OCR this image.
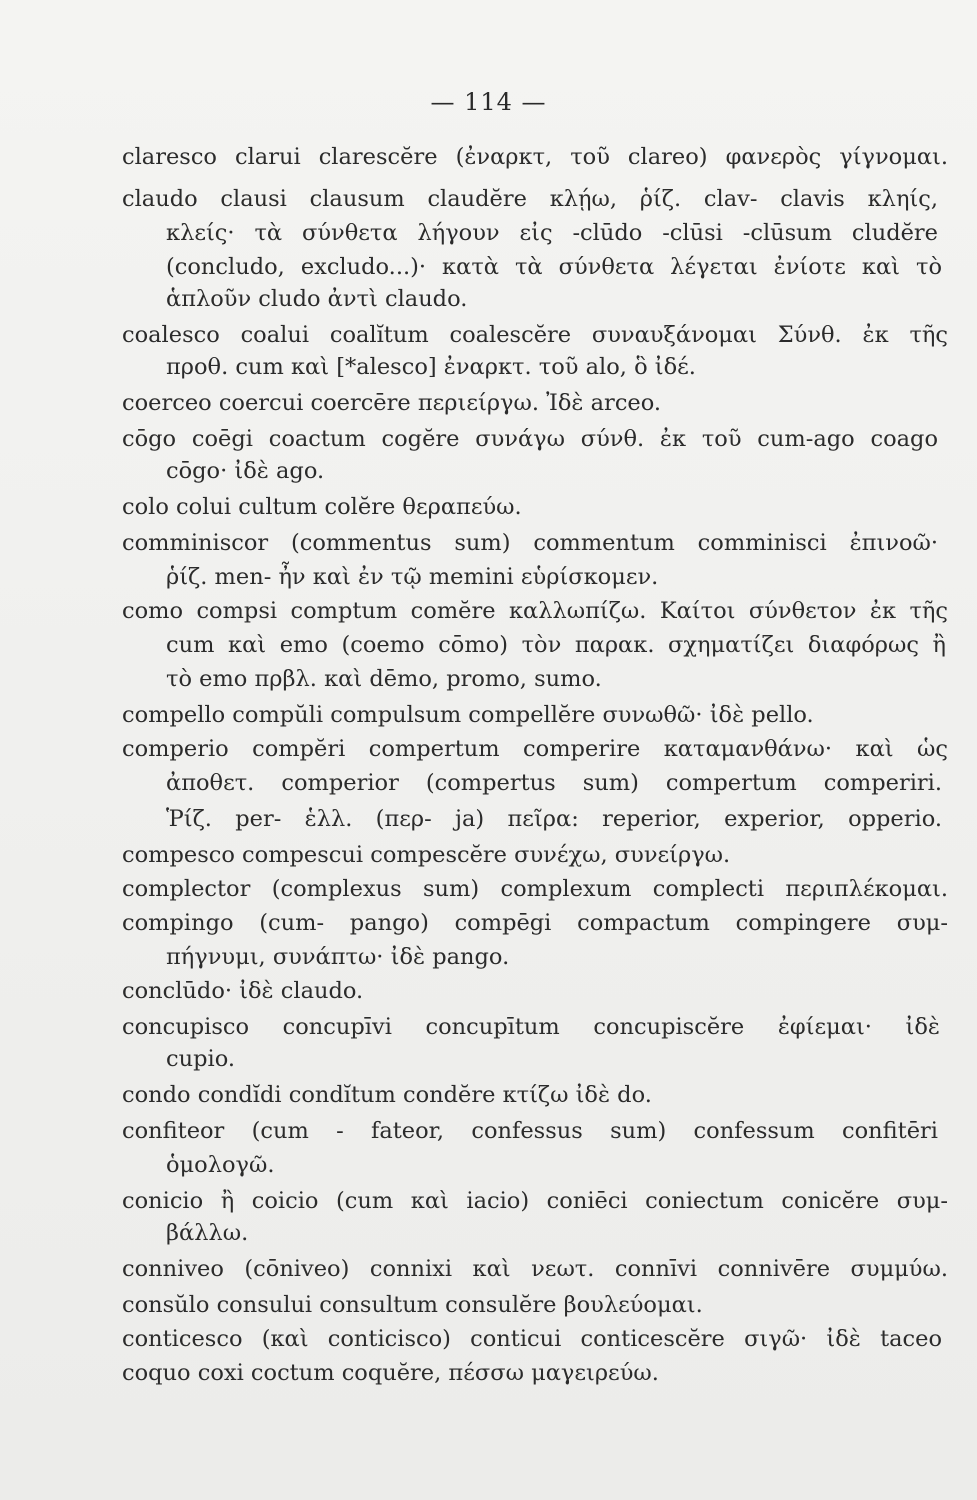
— 114 —
claresco clarui clarescĕre (ἐναρκτ, τοῦ clareo) φανερὸς γίγνομαι.
claudo clausi clausum claudĕre κλῄω, ῥίζ. clav- clavis κληίς,
κλείς· τὰ σύνθετα λήγουν εἰς -clūdo -clūsi -clūsum cludĕre
(concludo, excludo...)· κατὰ τὰ σύνθετα λέγεται ἐνίοτε καὶ τὸ
ἁπλοῦν cludo ἀντὶ claudo.
coalesco coalui coalĭtum coalescĕre συναυξάνομαι Σύνθ. ἐκ τῆς
προθ. cum καὶ [*alesco] ἐναρκτ. τοῦ alo, ὃ ἰδέ.
coerceo coercui coercēre περιείργω. Ἰδὲ arceo.
cōgo coēgi coactum cogĕre συνάγω σύνθ. ἐκ τοῦ cum-ago coago
cōgo· ἰδὲ ago.
colo colui cultum colĕre θεραπεύω.
comminiscor (commentus sum) commentum comminisci ἐπινοῶ·
ῥίζ. men- ἦν καὶ ἐν τῷ memini εὑρίσκομεν.
como compsi comptum comĕre καλλωπίζω. Καίτοι σύνθετον ἐκ τῆς
cum καὶ emo (coemo cōmo) τὸν παρακ. σχηματίζει διαφόρως ἢ
τὸ emo πρβλ. καὶ dēmo, promo, sumo.
compello compŭli compulsum compellĕre συνωθῶ· ἰδὲ pello.
comperio compĕri compertum comperire καταμανθάνω· καὶ ὡς
ἀποθετ. comperior (compertus sum) compertum comperiri.
Ῥίζ. per- ἑλλ. (περ- ja) πεῖρα: reperior, experior, opperio.
compesco compescui compescĕre συνέχω, συνείργω.
complector (complexus sum) complexum complecti περιπλέκομαι.
compingo (cum- pango) compēgi compactum compingere συμ-
πήγνυμι, συνάπτω· ἰδὲ pango.
conclūdo· ἰδὲ claudo.
concupisco concupīvi concupītum concupiscĕre ἐφίεμαι· ἰδὲ
cupio.
condo condĭdi condĭtum condĕre κτίζω ἰδὲ do.
confiteor (cum - fateor, confessus sum) confessum confitēri
ὁμολογῶ.
conicio ἢ coicio (cum καὶ iacio) coniēci coniectum conicĕre συμ-
βάλλω.
conniveo (cōniveo) connixi καὶ νεωτ. connīvi connivēre συμμύω.
consŭlo consului consultum consulĕre βουλεύομαι.
conticesco (καὶ conticisco) conticui conticescĕre σιγῶ· ἰδὲ taceo
coquo coxi coctum coquĕre, πέσσω μαγειρεύω.
